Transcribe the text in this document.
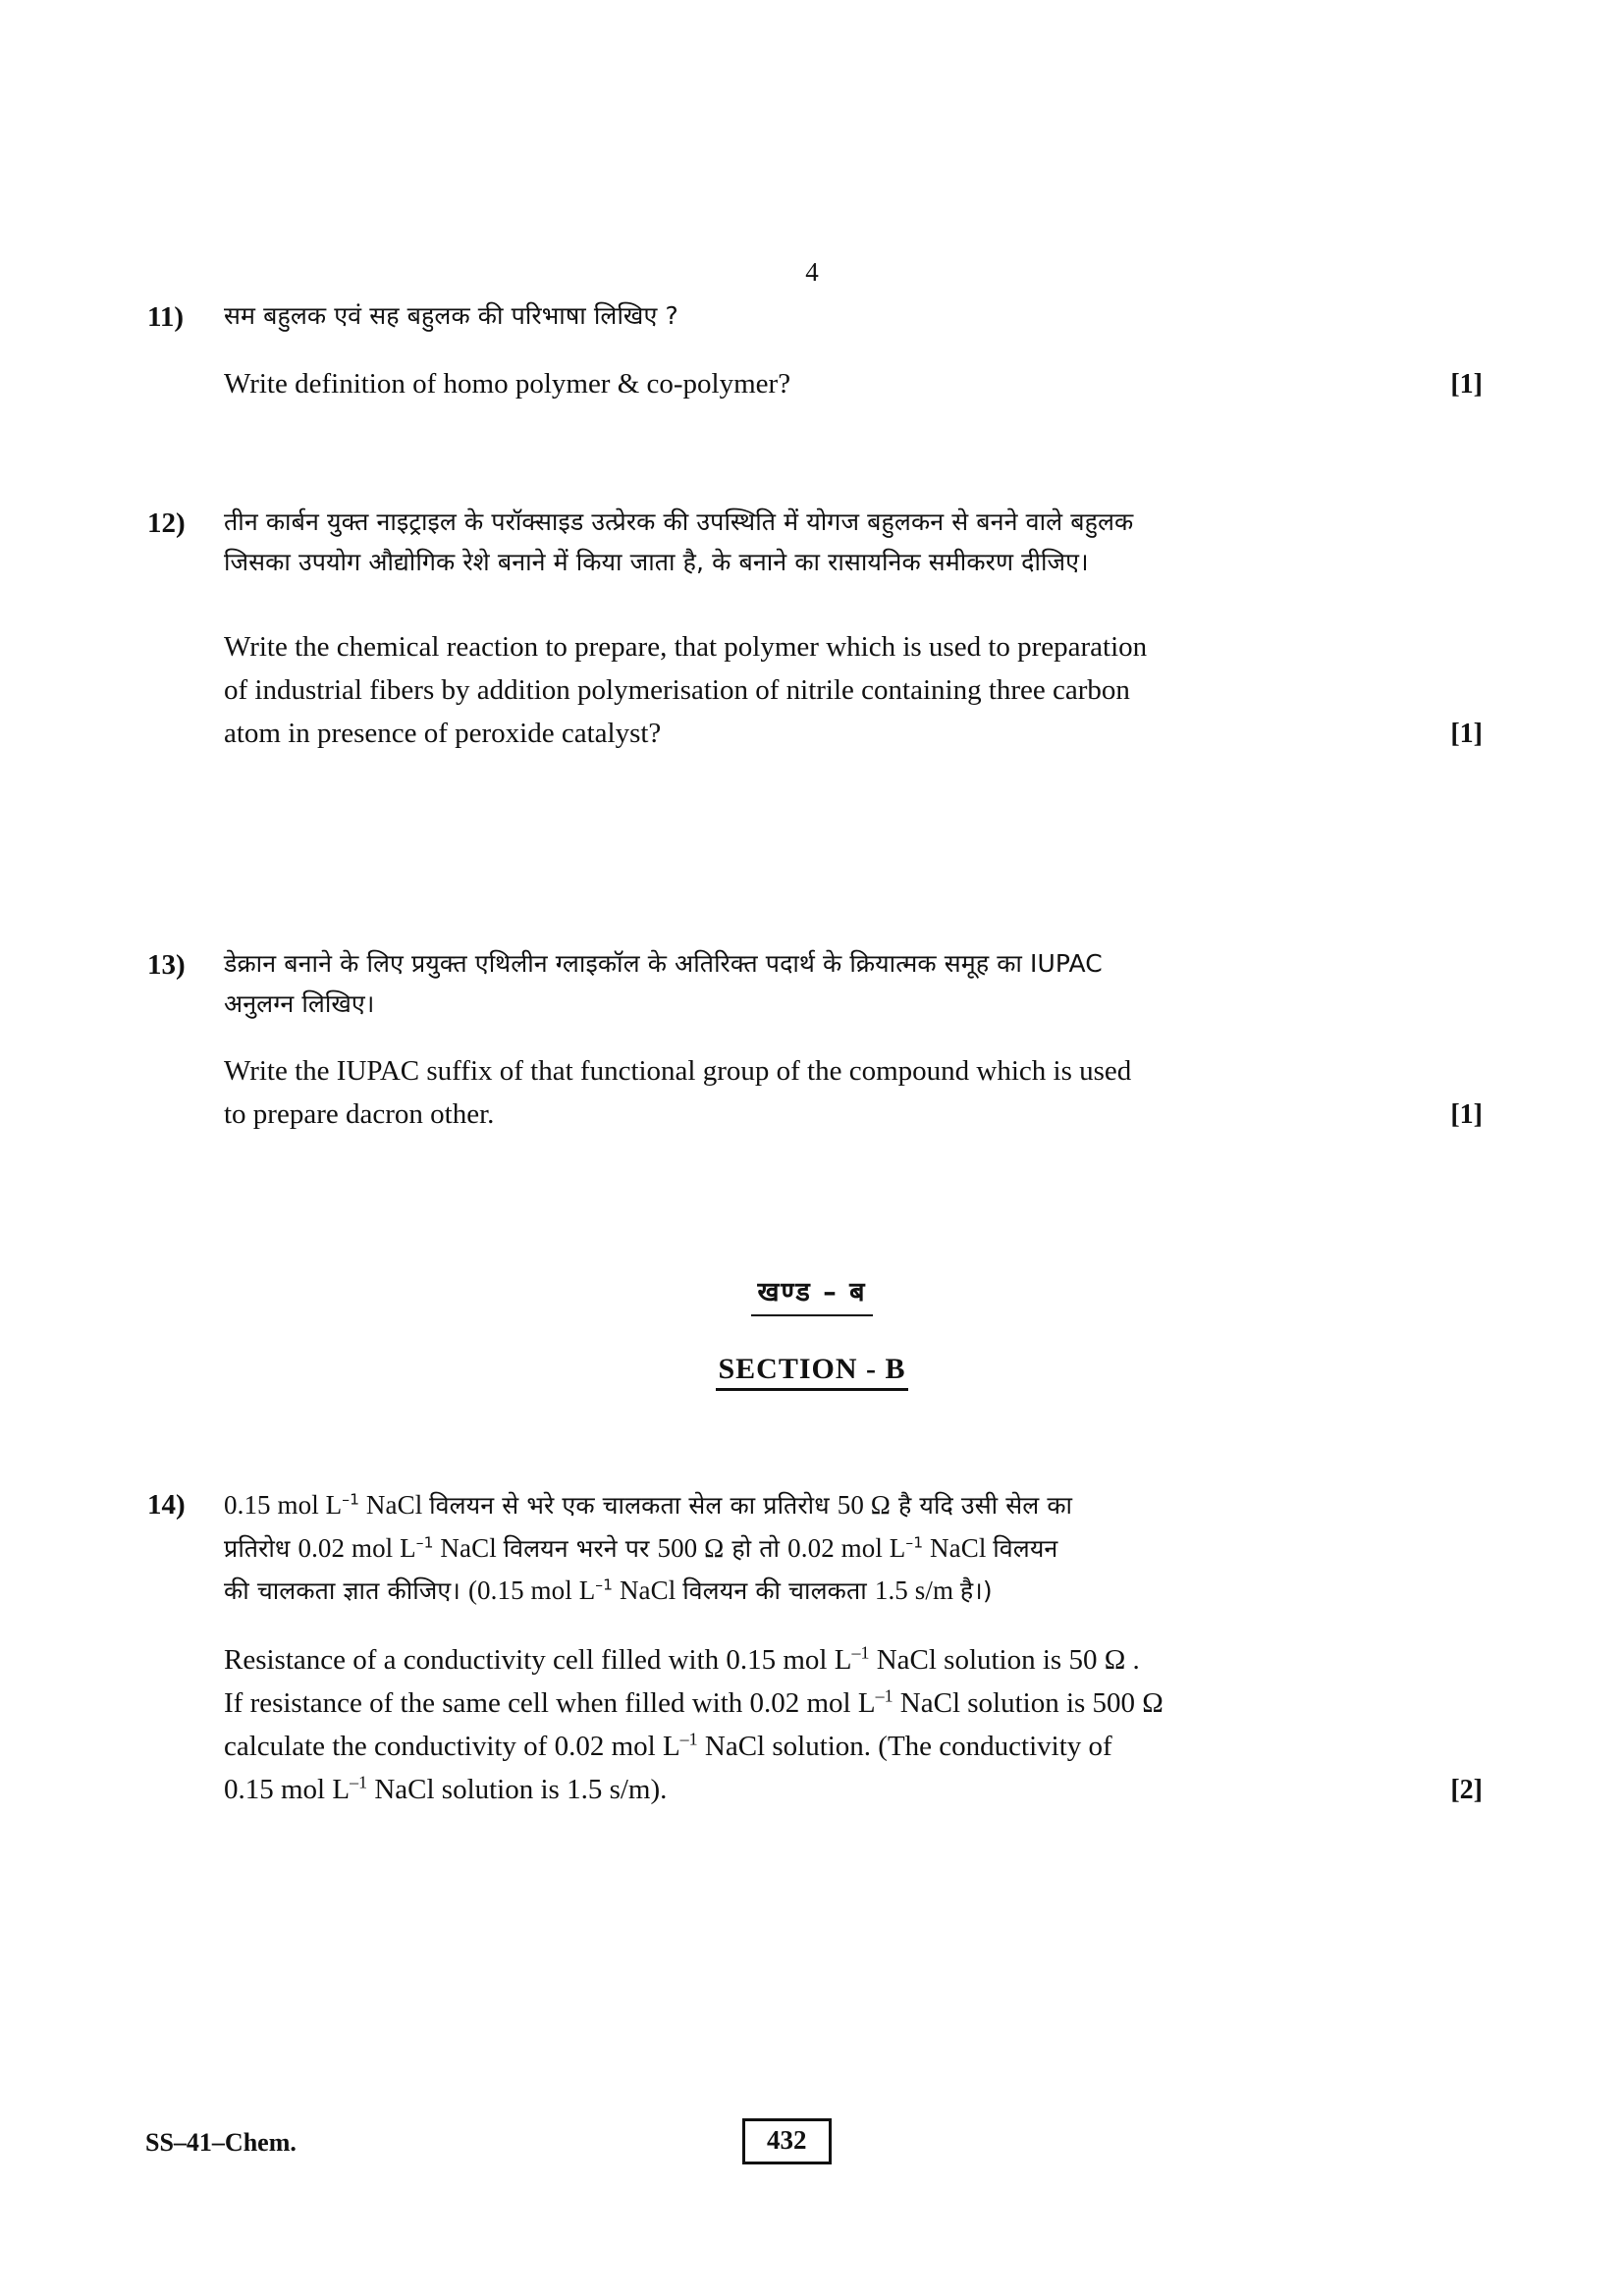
4
11)	सम बहुलक एवं सह बहुलक की परिभाषा लिखिए ?
Write definition of homo polymer & co-polymer?	[1]
12)	तीन कार्बन युक्त नाइट्राइल के परॉक्साइड उत्प्रेरक की उपस्थिति में योगज बहुलकन से बनने वाले बहुलक
जिसका उपयोग औद्योगिक रेशे बनाने में किया जाता है, के बनाने का रासायनिक समीकरण दीजिए।
Write the chemical reaction to prepare, that polymer which is used to preparation
of industrial fibers by addition polymerisation of nitrile containing three carbon
atom in presence of peroxide catalyst?	[1]
13)	डेक्रान बनाने के लिए प्रयुक्त एथिलीन ग्लाइकॉल के अतिरिक्त पदार्थ के क्रियात्मक समूह का IUPAC
अनुलग्न लिखिए।
Write the IUPAC suffix of that functional group of the compound which is used
to prepare dacron other.	[1]
खण्ड – ब
SECTION - B
14)	0.15 mol $L^{-1}$ NaCl विलयन से भरे एक चालकता सेल का प्रतिरोध 50 Ω है यदि उसी सेल का
प्रतिरोध 0.02 mol $L^{-1}$ NaCl विलयन भरने पर 500 Ω हो तो 0.02 mol $L^{-1}$ NaCl विलयन
की चालकता ज्ञात कीजिए। (0.15 mol $L^{-1}$ NaCl विलयन की चालकता 1.5 s/m है।)
Resistance of a conductivity cell filled with 0.15 mol $L^{-1}$ NaCl solution is 50 Ω .
If resistance of the same cell when filled with 0.02 mol $L^{-1}$ NaCl solution is 500 Ω
calculate the conductivity of 0.02 mol $L^{-1}$ NaCl solution. (The conductivity of
0.15 mol $L^{-1}$ NaCl solution is 1.5 s/m).	[2]
SS–41–Chem.	432
